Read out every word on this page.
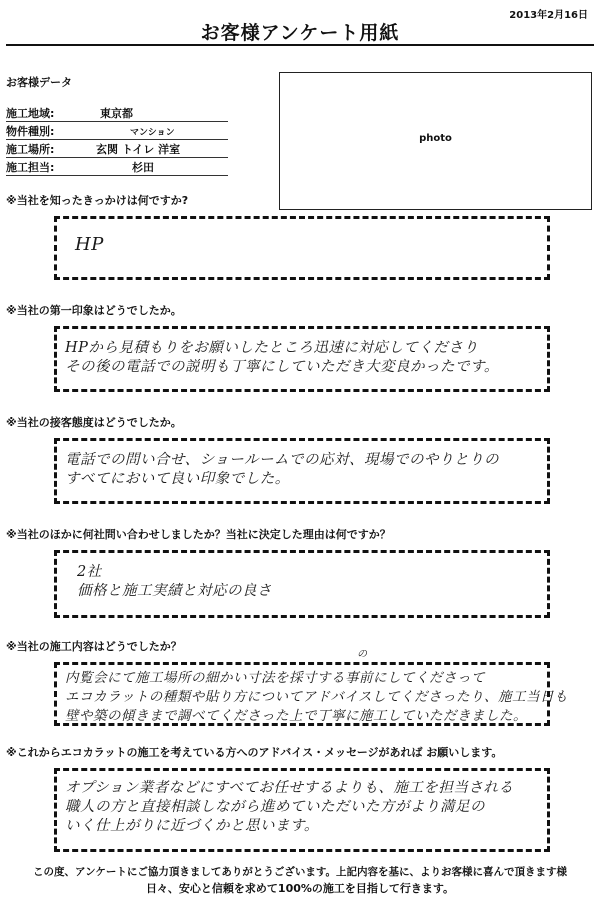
2013年2月16日
お客様アンケート用紙
お客様データ
施工地域:	東京都
物件種別:	マンション
施工場所:	玄関 トイレ 洋室
施工担当:	杉田
photo
※当社を知ったきっかけは何ですか?
HP
※当社の第一印象はどうでしたか。
HPから見積もりをお願いしたところ迅速に対応してくださり
その後の電話での説明も丁寧にしていただき大変良かったです。
※当社の接客態度はどうでしたか。
電話での問い合せ、ショールームでの応対、現場でのやりとりの
すべてにおいて良い印象でした。
※当社のほかに何社問い合わせしましたか？当社に決定した理由は何ですか？
2社
価格と施工実績と対応の良さ
※当社の施工内容はどうでしたか？
の
内覧会にて施工場所の細かい寸法を採寸する事前にしてくださって
エコカラットの種類や貼り方についてアドバイスしてくださったり、施工当日も
壁や築の傾きまで調べてくださった上で丁寧に施工していただきました。
※これからエコカラットの施工を考えている方へのアドバイス・メッセージがあれば お願いします。
オプション業者などにすべてお任せするよりも、施工を担当される
職人の方と直接相談しながら進めていただいた方がより満足の
いく仕上がりに近づくかと思います。
この度、アンケートにご協力頂きましてありがとうございます。上記内容を基に、よりお客様に喜んで頂きます様
日々、安心と信頼を求めて100%の施工を目指して行きます。
